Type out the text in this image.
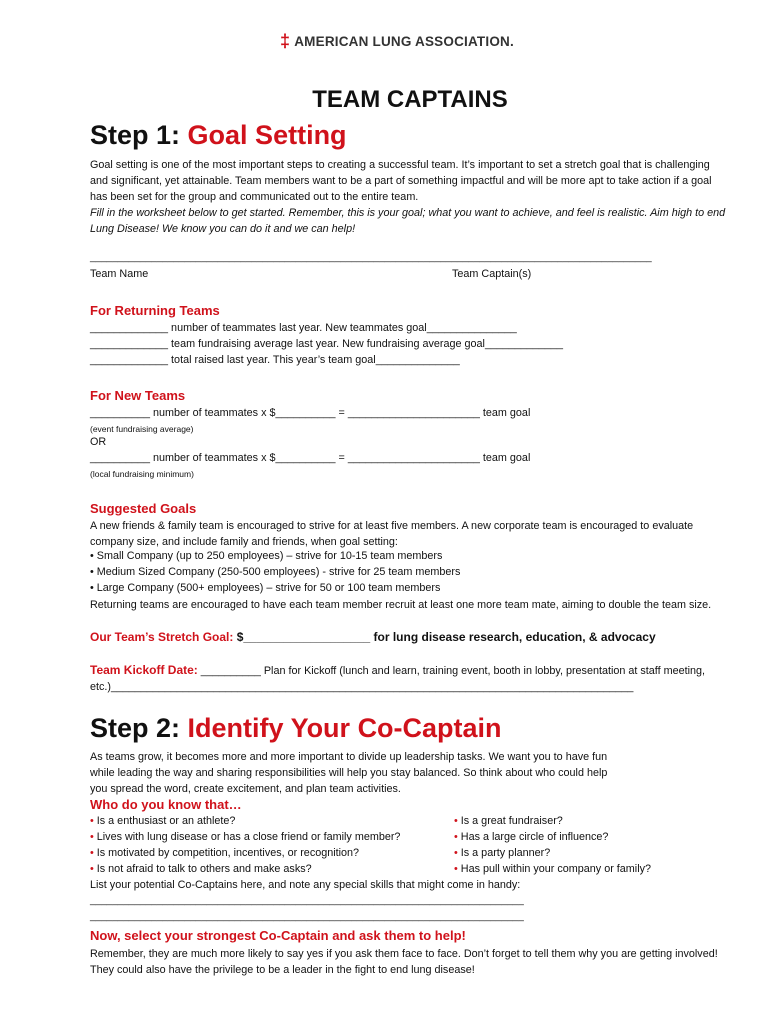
‡ AMERICAN LUNG ASSOCIATION.
TEAM CAPTAINS
Step 1: Goal Setting
Goal setting is one of the most important steps to creating a successful team. It’s important to set a stretch goal that is challenging and significant, yet attainable. Team members want to be a part of something impactful and will be more apt to take action if a goal has been set for the group and communicated out to the entire team.
Fill in the worksheet below to get started. Remember, this is your goal; what you want to achieve, and feel is realistic. Aim high to end Lung Disease! We know you can do it and we can help!
_____________________________________________________________________________________________________
Team Name	Team Captain(s)
For Returning Teams
_____________ number of teammates last year. New teammates goal_______________
_____________ team fundraising average last year. New fundraising average goal_____________
_____________ total raised last year. This year’s team goal______________
For New Teams
__________ number of teammates x $__________ = ______________________ team goal
(event fundraising average)
OR
__________ number of teammates x $__________ = ______________________ team goal
(local fundraising minimum)
Suggested Goals
A new friends & family team is encouraged to strive for at least five members. A new corporate team is encouraged to evaluate company size, and include family and friends, when goal setting:
• Small Company (up to 250 employees) – strive for 10-15 team members
• Medium Sized Company (250-500 employees) - strive for 25 team members
• Large Company (500+ employees) – strive for 50 or 100 team members
Returning teams are encouraged to have each team member recruit at least one more team mate, aiming to double the team size.
Our Team’s Stretch Goal: $___________________ for lung disease research, education, & advocacy
Team Kickoff Date: __________ Plan for Kickoff (lunch and learn, training event, booth in lobby, presentation at staff meeting, etc.)_______________________________________________________________________________________
Step 2: Identify Your Co-Captain
As teams grow, it becomes more and more important to divide up leadership tasks. We want you to have fun while leading the way and sharing responsibilities will help you stay balanced. So think about who could help you spread the word, create excitement, and plan team activities.
Who do you know that…
• Is a enthusiast or an athlete?
• Lives with lung disease or has a close friend or family member?
• Is motivated by competition, incentives, or recognition?
• Is not afraid to talk to others and make asks?
• Is a great fundraiser?
• Has a large circle of influence?
• Is a party planner?
• Has pull within your company or family?
List your potential Co-Captains here, and note any special skills that might come in handy:
______________________________________________________________________________
______________________________________________________________________________
Now, select your strongest Co-Captain and ask them to help!
Remember, they are much more likely to say yes if you ask them face to face. Don’t forget to tell them why you are getting involved! They could also have the privilege to be a leader in the fight to end lung disease!
